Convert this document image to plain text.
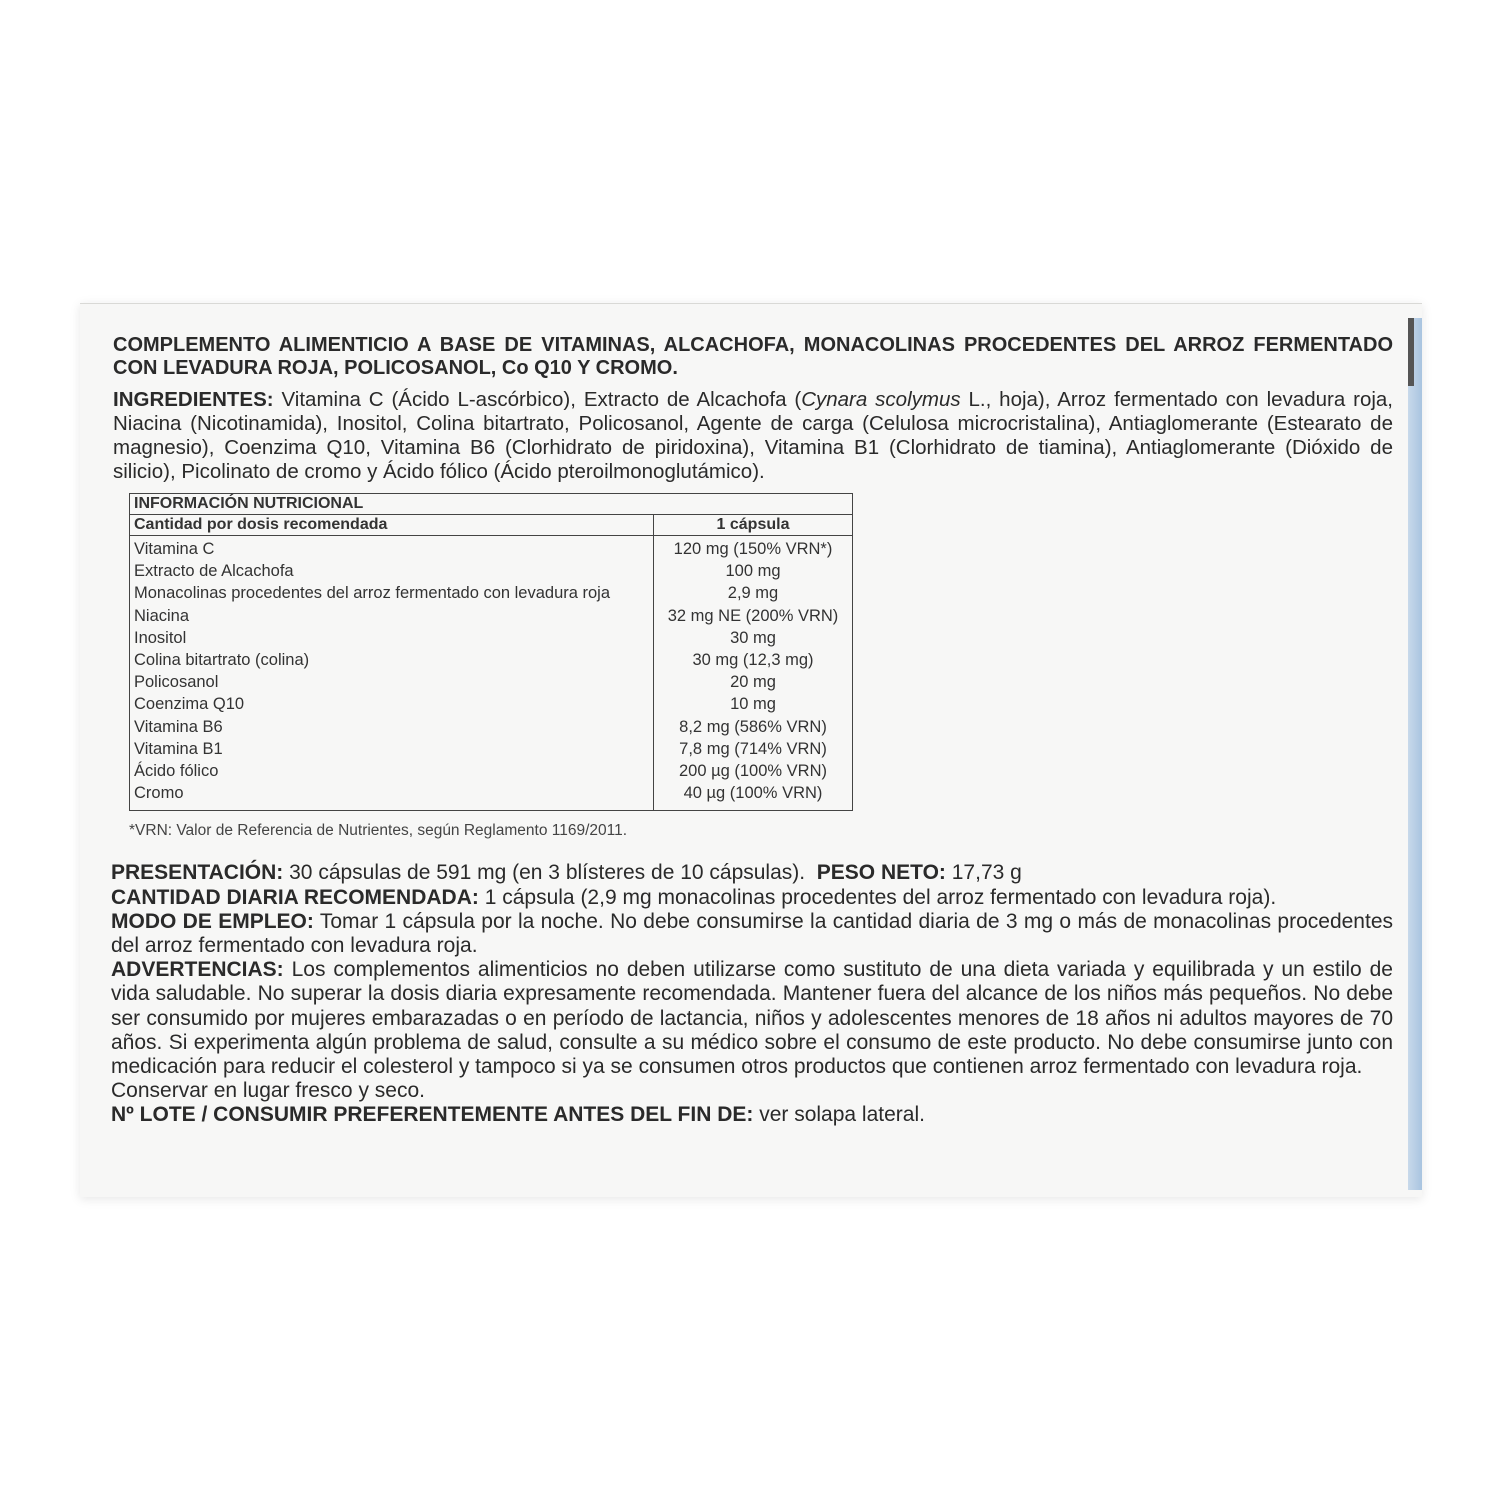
COMPLEMENTO ALIMENTICIO A BASE DE VITAMINAS, ALCACHOFA, MONACOLINAS PROCEDENTES DEL ARROZ FERMENTADO CON LEVADURA ROJA, POLICOSANOL, Co Q10 Y CROMO.

INGREDIENTES: Vitamina C (Ácido L-ascórbico), Extracto de Alcachofa (Cynara scolymus L., hoja), Arroz fermentado con levadura roja, Niacina (Nicotinamida), Inositol, Colina bitartrato, Policosanol, Agente de carga (Celulosa microcristalina), Antiaglomerante (Estearato de magnesio), Coenzima Q10, Vitamina B6 (Clorhidrato de piridoxina), Vitamina B1 (Clorhidrato de tiamina), Antiaglomerante (Dióxido de silicio), Picolinato de cromo y Ácido fólico (Ácido pteroilmonoglutámico).

INFORMACIÓN NUTRICIONAL	
Cantidad por dosis recomendada	1 cápsula
Vitamina C	120 mg (150% VRN*)
Extracto de Alcachofa	100 mg
Monacolinas procedentes del arroz fermentado con levadura roja	2,9 mg
Niacina	32 mg NE (200% VRN)
Inositol	30 mg
Colina bitartrato (colina)	30 mg (12,3 mg)
Policosanol	20 mg
Coenzima Q10	10 mg
Vitamina B6	8,2 mg (586% VRN)
Vitamina B1	7,8 mg (714% VRN)
Ácido fólico	200 µg (100% VRN)
Cromo	40 µg (100% VRN)

*VRN: Valor de Referencia de Nutrientes, según Reglamento 1169/2011.

PRESENTACIÓN: 30 cápsulas de 591 mg (en 3 blísteres de 10 cápsulas). PESO NETO: 17,73 g

CANTIDAD DIARIA RECOMENDADA: 1 cápsula (2,9 mg monacolinas procedentes del arroz fermentado con levadura roja).

MODO DE EMPLEO: Tomar 1 cápsula por la noche. No debe consumirse la cantidad diaria de 3 mg o más de monacolinas procedentes del arroz fermentado con levadura roja.

ADVERTENCIAS: Los complementos alimenticios no deben utilizarse como sustituto de una dieta variada y equilibrada y un estilo de vida saludable. No superar la dosis diaria expresamente recomendada. Mantener fuera del alcance de los niños más pequeños. No debe ser consumido por mujeres embarazadas o en período de lactancia, niños y adolescentes menores de 18 años ni adultos mayores de 70 años. Si experimenta algún problema de salud, consulte a su médico sobre el consumo de este producto. No debe consumirse junto con medicación para reducir el colesterol y tampoco si ya se consumen otros productos que contienen arroz fermentado con levadura roja.

Conservar en lugar fresco y seco.

Nº LOTE / CONSUMIR PREFERENTEMENTE ANTES DEL FIN DE: ver solapa lateral.
